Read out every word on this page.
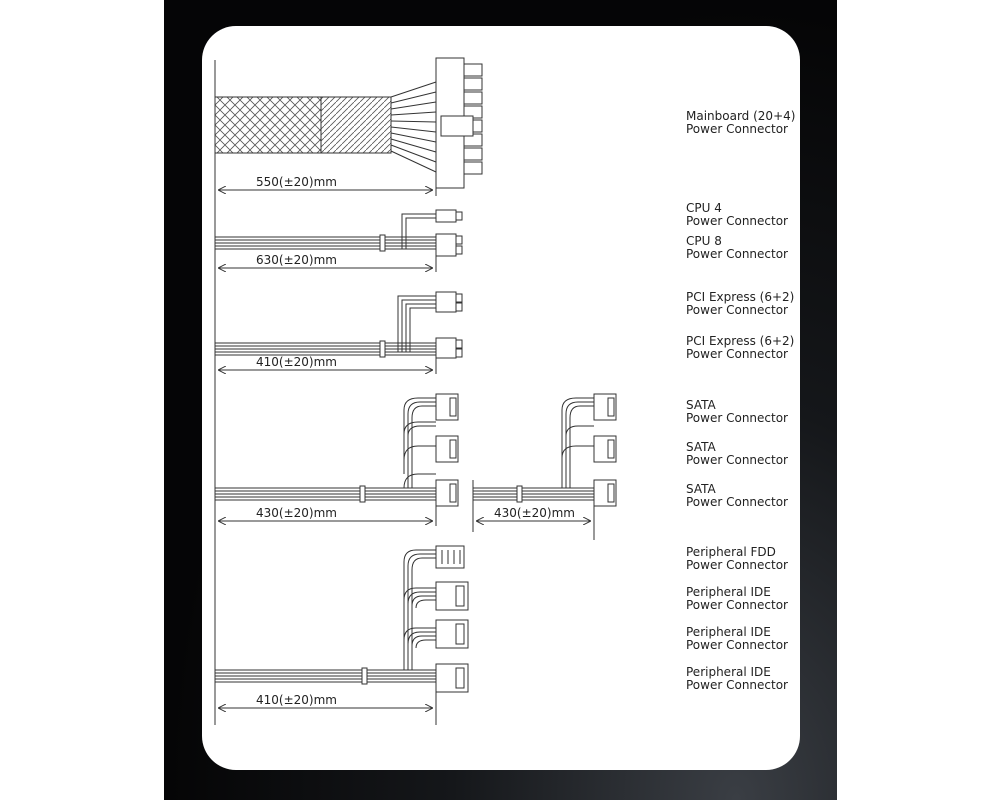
550(±20)mm
630(±20)mm
410(±20)mm
430(±20)mm	430(±20)mm
410(±20)mm
Mainboard (20+4)
Power Connector
CPU 4
Power Connector
CPU 8
Power Connector
PCI Express (6+2)
Power Connector
PCI Express (6+2)
Power Connector
SATA
Power Connector
SATA
Power Connector
SATA
Power Connector
Peripheral FDD
Power Connector
Peripheral IDE
Power Connector
Peripheral IDE
Power Connector
Peripheral IDE
Power Connector
